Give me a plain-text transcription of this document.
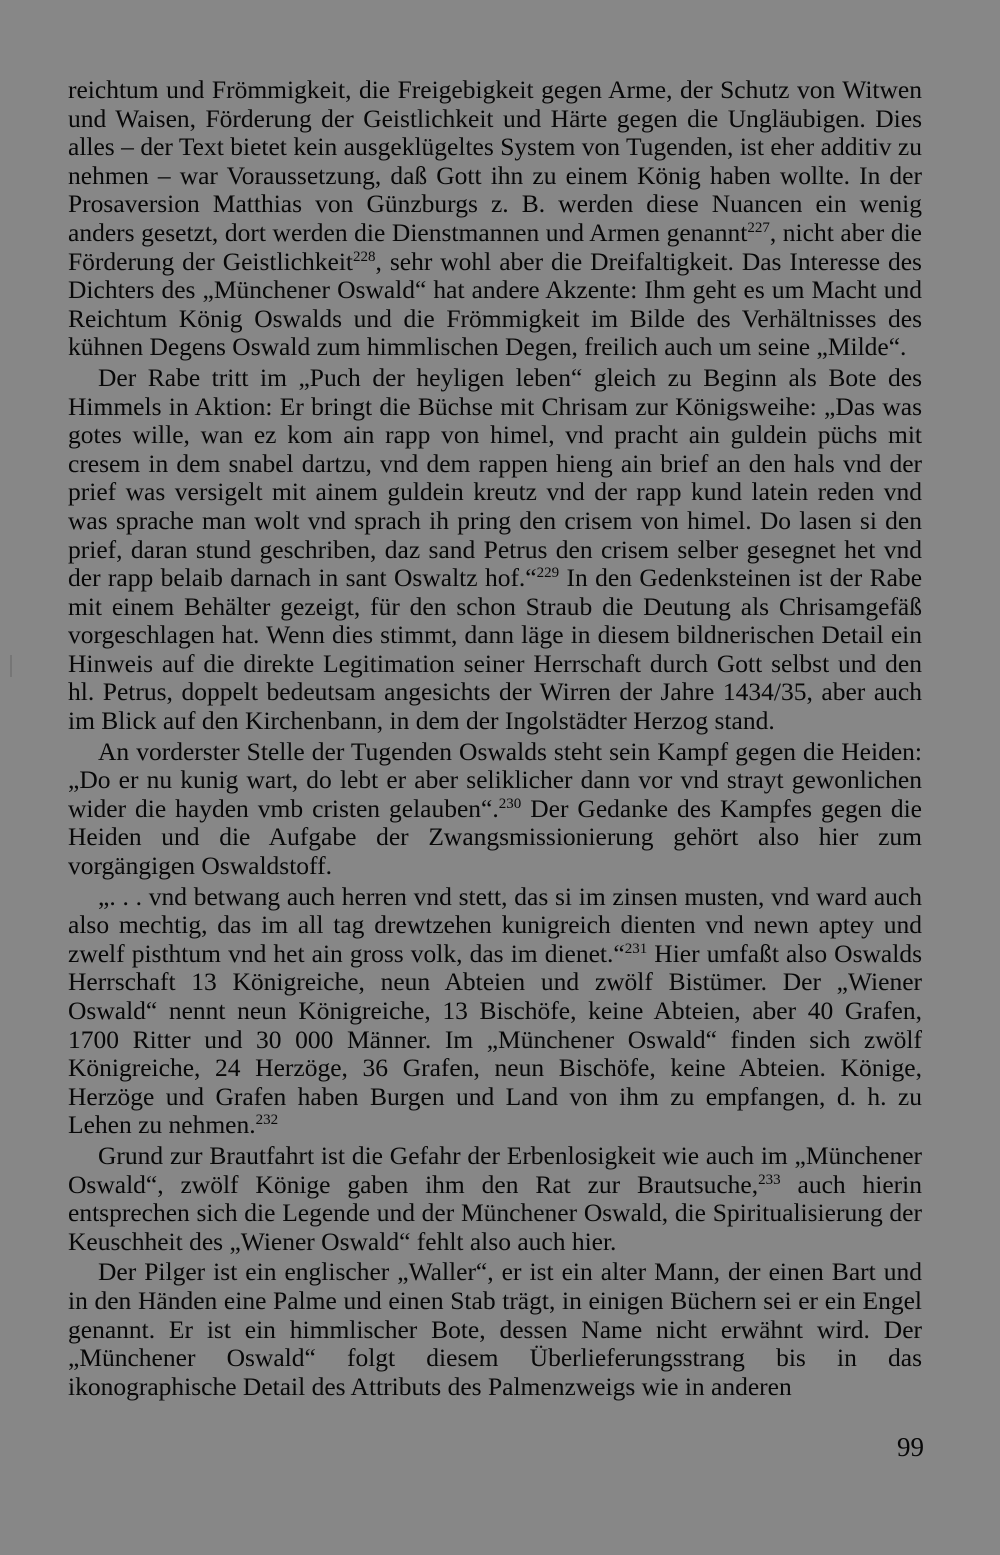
reichtum und Frömmigkeit, die Freigebigkeit gegen Arme, der Schutz von Witwen und Waisen, Förderung der Geistlichkeit und Härte gegen die Ungläubigen. Dies alles – der Text bietet kein ausgeklügeltes System von Tugenden, ist eher additiv zu nehmen – war Voraussetzung, daß Gott ihn zu einem König haben wollte. In der Prosaversion Matthias von Günzburgs z. B. werden diese Nuancen ein wenig anders gesetzt, dort werden die Dienstmannen und Armen genannt$^{227}$, nicht aber die Förderung der Geistlichkeit$^{228}$, sehr wohl aber die Dreifaltigkeit. Das Interesse des Dichters des „Münchener Oswald“ hat andere Akzente: Ihm geht es um Macht und Reichtum König Oswalds und die Frömmigkeit im Bilde des Verhältnisses des kühnen Degens Oswald zum himmlischen Degen, freilich auch um seine „Milde“.

Der Rabe tritt im „Puch der heyligen leben“ gleich zu Beginn als Bote des Himmels in Aktion: Er bringt die Büchse mit Chrisam zur Königsweihe: „Das was gotes wille, wan ez kom ain rapp von himel, vnd pracht ain guldein püchs mit cresem in dem snabel dartzu, vnd dem rappen hieng ain brief an den hals vnd der prief was versigelt mit ainem guldein kreutz vnd der rapp kund latein reden vnd was sprache man wolt vnd sprach ih pring den crisem von himel. Do lasen si den prief, daran stund geschriben, daz sand Petrus den crisem selber gesegnet het vnd der rapp belaib darnach in sant Oswaltz hof.“$^{229}$ In den Gedenksteinen ist der Rabe mit einem Behälter gezeigt, für den schon Straub die Deutung als Chrisamgefäß vorgeschlagen hat. Wenn dies stimmt, dann läge in diesem bildnerischen Detail ein Hinweis auf die direkte Legitimation seiner Herrschaft durch Gott selbst und den hl. Petrus, doppelt bedeutsam angesichts der Wirren der Jahre 1434/35, aber auch im Blick auf den Kirchenbann, in dem der Ingolstädter Herzog stand.

An vorderster Stelle der Tugenden Oswalds steht sein Kampf gegen die Heiden: „Do er nu kunig wart, do lebt er aber seliklicher dann vor vnd strayt gewonlichen wider die hayden vmb cristen gelauben“.$^{230}$ Der Gedanke des Kampfes gegen die Heiden und die Aufgabe der Zwangsmissionierung gehört also hier zum vorgängigen Oswaldstoff.

„. . . vnd betwang auch herren vnd stett, das si im zinsen musten, vnd ward auch also mechtig, das im all tag drewtzehen kunigreich dienten vnd newn aptey und zwelf pisthtum vnd het ain gross volk, das im dienet.“$^{231}$ Hier umfaßt also Oswalds Herrschaft 13 Königreiche, neun Abteien und zwölf Bistümer. Der „Wiener Oswald“ nennt neun Königreiche, 13 Bischöfe, keine Abteien, aber 40 Grafen, 1700 Ritter und 30 000 Männer. Im „Münchener Oswald“ finden sich zwölf Königreiche, 24 Herzöge, 36 Grafen, neun Bischöfe, keine Abteien. Könige, Herzöge und Grafen haben Burgen und Land von ihm zu empfangen, d. h. zu Lehen zu nehmen.$^{232}$

Grund zur Brautfahrt ist die Gefahr der Erbenlosigkeit wie auch im „Münchener Oswald“, zwölf Könige gaben ihm den Rat zur Brautsuche,$^{233}$ auch hierin entsprechen sich die Legende und der Münchener Oswald, die Spiritualisierung der Keuschheit des „Wiener Oswald“ fehlt also auch hier.

Der Pilger ist ein englischer „Waller“, er ist ein alter Mann, der einen Bart und in den Händen eine Palme und einen Stab trägt, in einigen Büchern sei er ein Engel genannt. Er ist ein himmlischer Bote, dessen Name nicht erwähnt wird. Der „Münchener Oswald“ folgt diesem Überlieferungsstrang bis in das ikonographische Detail des Attributs des Palmenzweigs wie in anderen

99
